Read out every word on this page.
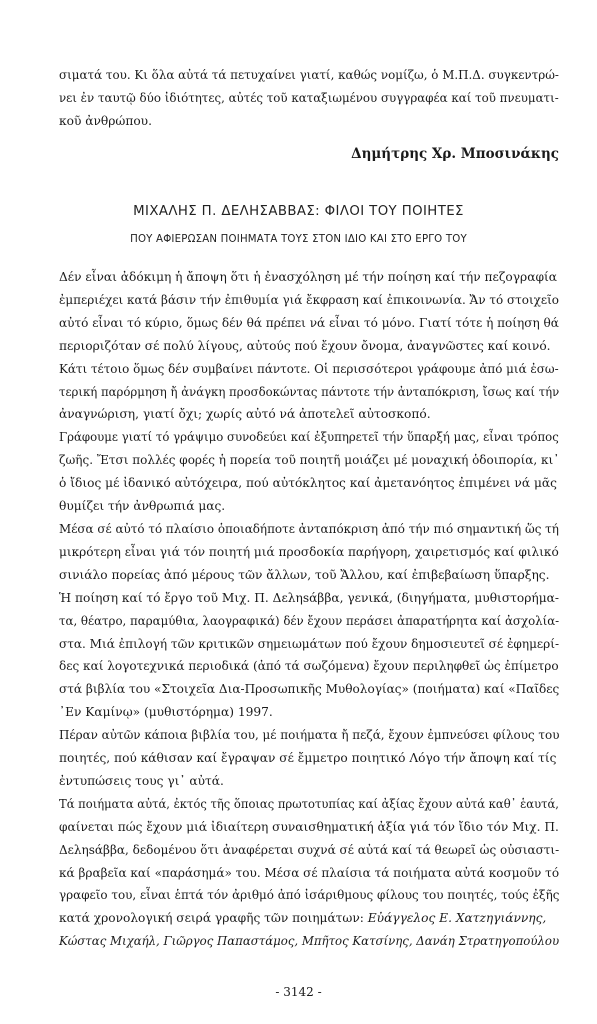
σιματά του. Κι ὅλα αὐτά τά πετυχαίνει γιατί, καθώς νομίζω, ὁ Μ.Π.Δ. συγκεντρώ-
νει ἐν ταυτῷ δύο ἰδιότητες, αὐτές τοῦ καταξιωμένου συγγραφέα καί τοῦ πνευματι-
κοῦ ἀνθρώπου.

Δημήτρης Χρ. Μποσινάκης
ΜΙΧΑΛΗΣ Π. ΔΕΛΗΣΑΒΒΑΣ: ΦΙΛΟΙ ΤΟΥ ΠΟΙΗΤΕΣ
ΠΟΥ ΑΦΙΕΡΩΣΑΝ ΠΟΙΗΜΑΤΑ ΤΟΥΣ ΣΤΟΝ ΙΔΙΟ ΚΑΙ ΣΤΟ ΕΡΓΟ ΤΟΥ

Δέν εἶναι ἀδόκιμη ἡ ἄποψη ὅτι ἡ ἐνασχόληση μέ τήν ποίηση καί τήν πεζογραφία
ἐμπεριέχει κατά βάσιν τήν ἐπιθυμία γιά ἔκφραση καί ἐπικοινωνία. Ἄν τό στοιχεῖο
αὐτό εἶναι τό κύριο, ὅμως δέν θά πρέπει νά εἶναι τό μόνο. Γιατί τότε ἡ ποίηση θά
περιοριζόταν σέ πολύ λίγους, αὐτούς πού ἔχουν ὄνομα, ἀναγνῶστες καί κοινό.
Κάτι τέτοιο ὅμως δέν συμβαίνει πάντοτε. Οἱ περισσότεροι γράφουμε ἀπό μιά ἐσω-
τερική παρόρμηση ἤ ἀνάγκη προσδοκώντας πάντοτε τήν ἀνταπόκριση, ἴσως καί τήν
ἀναγνώριση, γιατί ὄχι; χωρίς αὐτό νά ἀποτελεῖ αὐτοσκοπό.

Γράφουμε γιατί τό γράψιμο συνοδεύει καί ἐξυπηρετεῖ τήν ὕπαρξή μας, εἶναι τρόπος
ζωῆς. Ἔτσι πολλές φορές ἡ πορεία τοῦ ποιητῆ μοιάζει μέ μοναχική ὁδοιπορία, κι᾽
ὁ ἴδιος μέ ἰδανικό αὐτόχειρα, πού αὐτόκλητος καί ἀμετανόητος ἐπιμένει νά μᾶς
θυμίζει τήν ἀνθρωπιά μας.

Μέσα σέ αὐτό τό πλαίσιο ὁποιαδήποτε ἀνταπόκριση ἀπό τήν πιό σημαντική ὥς τή
μικρότερη εἶναι γιά τόν ποιητή μιά προσδοκία παρήγορη, χαιρετισμός καί φιλικό
σινιάλο πορείας ἀπό μέρους τῶν ἄλλων, τοῦ Ἄλλου, καί ἐπιβεβαίωση ὕπαρξης.

Ἡ ποίηση καί τό ἔργο τοῦ Μιχ. Π. Δεληsάββα, γενικά, (διηγήματα, μυθιστορήμα-
τα, θέατρο, παραμύθια, λαογραφικά) δέν ἔχουν περάσει ἀπαρατήρητα καί ἀσχολία-
στα. Μιά ἐπιλογή τῶν κριτικῶν σημειωμάτων πού ἔχουν δημοσιευτεῖ σέ ἐφημερί-
δες καί λογοτεχνικά περιοδικά (ἀπό τά σωζόμενα) ἔχουν περιληφθεῖ ὡς ἐπίμετρο
στά βιβλία του «Στοιχεῖα Δια-Προσωπικῆς Μυθολογίας» (ποιήματα) καί «Παῖδες
᾽Εν Καμίνῳ» (μυθιστόρημα) 1997.

Πέραν αὐτῶν κάποια βιβλία του, μέ ποιήματα ἤ πεζά, ἔχουν ἐμπνεύσει φίλους του
ποιητές, πού κάθισαν καί ἔγραψαν σέ ἔμμετρο ποιητικό Λόγο τήν ἄποψη καί τίς
ἐντυπώσεις τους γι᾽ αὐτά.

Τά ποιήματα αὐτά, ἐκτός τῆς ὅποιας πρωτοτυπίας καί ἀξίας ἔχουν αὐτά καθ᾽ ἑαυτά,
φαίνεται πώς ἔχουν μιά ἰδιαίτερη συναισθηματική ἀξία γιά τόν ἴδιο τόν Μιχ. Π.
Δεληsάββα, δεδομένου ὅτι ἀναφέρεται συχνά σέ αὐτά καί τά θεωρεῖ ὡς οὐσιαστι-
κά βραβεῖα καί «παράσημά» του. Μέσα σέ πλαίσια τά ποιήματα αὐτά κοσμοῦν τό
γραφεῖο του, εἶναι ἑπτά τόν ἀριθμό ἀπό ἰσάριθμους φίλους του ποιητές, τούς ἐξῆς
κατά χρονολογική σειρά γραφῆς τῶν ποιημάτων: Εὐάγγελος Ε. Χατzηγιάννης,
Κώστας Μιχαήλ, Γιῶργος Παπαστάμος, Μπῆτος Κατσίνης, Δανάη Στρατηγοπούλου

- 3142 -
